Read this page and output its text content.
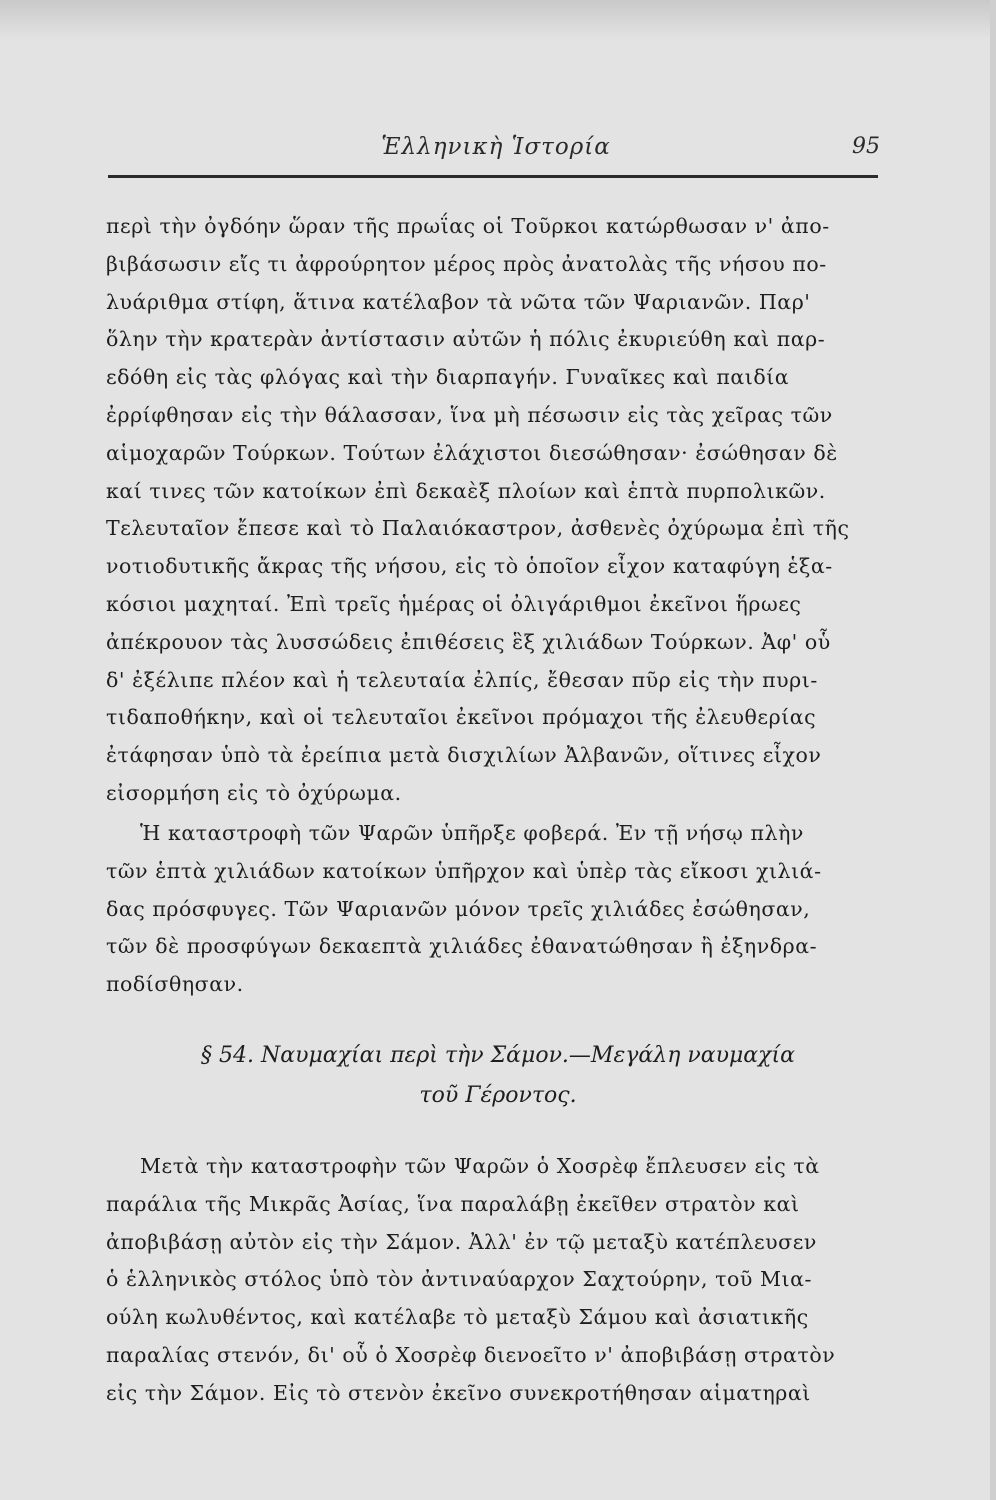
Ἑλληνικὴ Ἱστορία	95
περὶ τὴν ὀγδόην ὥραν τῆς πρωΐας οἱ Τοῦρκοι κατώρθωσαν ν' ἀπο-
βιβάσωσιν εἴς τι ἀφρούρητον μέρος πρὸς ἀνατολὰς τῆς νήσου πο-
λυάριθμα στίφη, ἅτινα κατέλαβον τὰ νῶτα τῶν Ψαριανῶν. Παρ'
ὅλην τὴν κρατερὰν ἀντίστασιν αὐτῶν ἡ πόλις ἐκυριεύθη καὶ παρ-
εδόθη εἰς τὰς φλόγας καὶ τὴν διαρπαγήν. Γυναῖκες καὶ παιδία
ἐρρίφθησαν εἰς τὴν θάλασσαν, ἵνα μὴ πέσωσιν εἰς τὰς χεῖρας τῶν
αἱμοχαρῶν Τούρκων. Τούτων ἐλάχιστοι διεσώθησαν· ἐσώθησαν δὲ
καί τινες τῶν κατοίκων ἐπὶ δεκαὲξ πλοίων καὶ ἑπτὰ πυρπολικῶν.
Τελευταῖον ἔπεσε καὶ τὸ Παλαιόκαστρον, ἀσθενὲς ὀχύρωμα ἐπὶ τῆς
νοτιοδυτικῆς ἄκρας τῆς νήσου, εἰς τὸ ὁποῖον εἶχον καταφύγη ἑξα-
κόσιοι μαχηταί. Ἐπὶ τρεῖς ἡμέρας οἱ ὀλιγάριθμοι ἐκεῖνοι ἥρωες
ἀπέκρουον τὰς λυσσώδεις ἐπιθέσεις ἓξ χιλιάδων Τούρκων. Ἀφ' οὗ
δ' ἐξέλιπε πλέον καὶ ἡ τελευταία ἐλπίς, ἔθεσαν πῦρ εἰς τὴν πυρι-
τιδαποθήκην, καὶ οἱ τελευταῖοι ἐκεῖνοι πρόμαχοι τῆς ἐλευθερίας
ἐτάφησαν ὑπὸ τὰ ἐρείπια μετὰ δισχιλίων Ἀλβανῶν, οἵτινες εἶχον
εἰσορμήση εἰς τὸ ὀχύρωμα.
Ἡ καταστροφὴ τῶν Ψαρῶν ὑπῆρξε φοβερά. Ἐν τῇ νήσῳ πλὴν
τῶν ἑπτὰ χιλιάδων κατοίκων ὑπῆρχον καὶ ὑπὲρ τὰς εἴκοσι χιλιά-
δας πρόσφυγες. Τῶν Ψαριανῶν μόνον τρεῖς χιλιάδες ἐσώθησαν,
τῶν δὲ προσφύγων δεκαεπτὰ χιλιάδες ἐθανατώθησαν ἢ ἐξηνδρα-
ποδίσθησαν.
§ 54. Ναυμαχίαι περὶ τὴν Σάμον.—Μεγάλη ναυμαχία
τοῦ Γέροντος.
Μετὰ τὴν καταστροφὴν τῶν Ψαρῶν ὁ Χοσρὲφ ἔπλευσεν εἰς τὰ
παράλια τῆς Μικρᾶς Ἀσίας, ἵνα παραλάβῃ ἐκεῖθεν στρατὸν καὶ
ἀποβιβάσῃ αὐτὸν εἰς τὴν Σάμον. Ἀλλ' ἐν τῷ μεταξὺ κατέπλευσεν
ὁ ἑλληνικὸς στόλος ὑπὸ τὸν ἀντιναύαρχον Σαχτούρην, τοῦ Μια-
ούλη κωλυθέντος, καὶ κατέλαβε τὸ μεταξὺ Σάμου καὶ ἀσιατικῆς
παραλίας στενόν, δι' οὗ ὁ Χοσρὲφ διενοεῖτο ν' ἀποβιβάσῃ στρατὸν
εἰς τὴν Σάμον. Εἰς τὸ στενὸν ἐκεῖνο συνεκροτήθησαν αἱματηραὶ
